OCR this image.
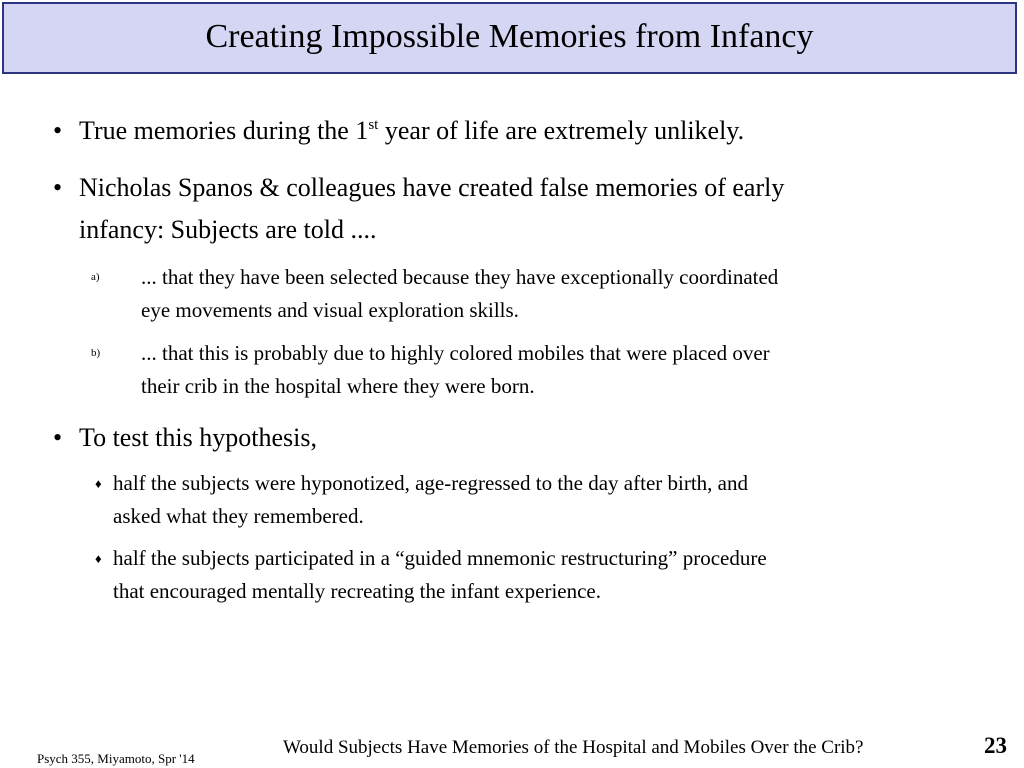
Creating Impossible Memories from Infancy
• True memories during the 1st year of life are extremely unlikely.
• Nicholas Spanos & colleagues have created false memories of early
infancy: Subjects are told ....
a) ... that they have been selected because they have exceptionally coordinated
eye movements and visual exploration skills.
b) ... that this is probably due to highly colored mobiles that were placed over
their crib in the hospital where they were born.
• To test this hypothesis,
♦ half the subjects were hyponotized, age-regressed to the day after birth, and
asked what they remembered.
♦ half the subjects participated in a “guided mnemonic restructuring” procedure
that encouraged mentally recreating the infant experience.
Psych 355, Miyamoto, Spr '14
Would Subjects Have Memories of the Hospital and Mobiles Over the Crib?	23
